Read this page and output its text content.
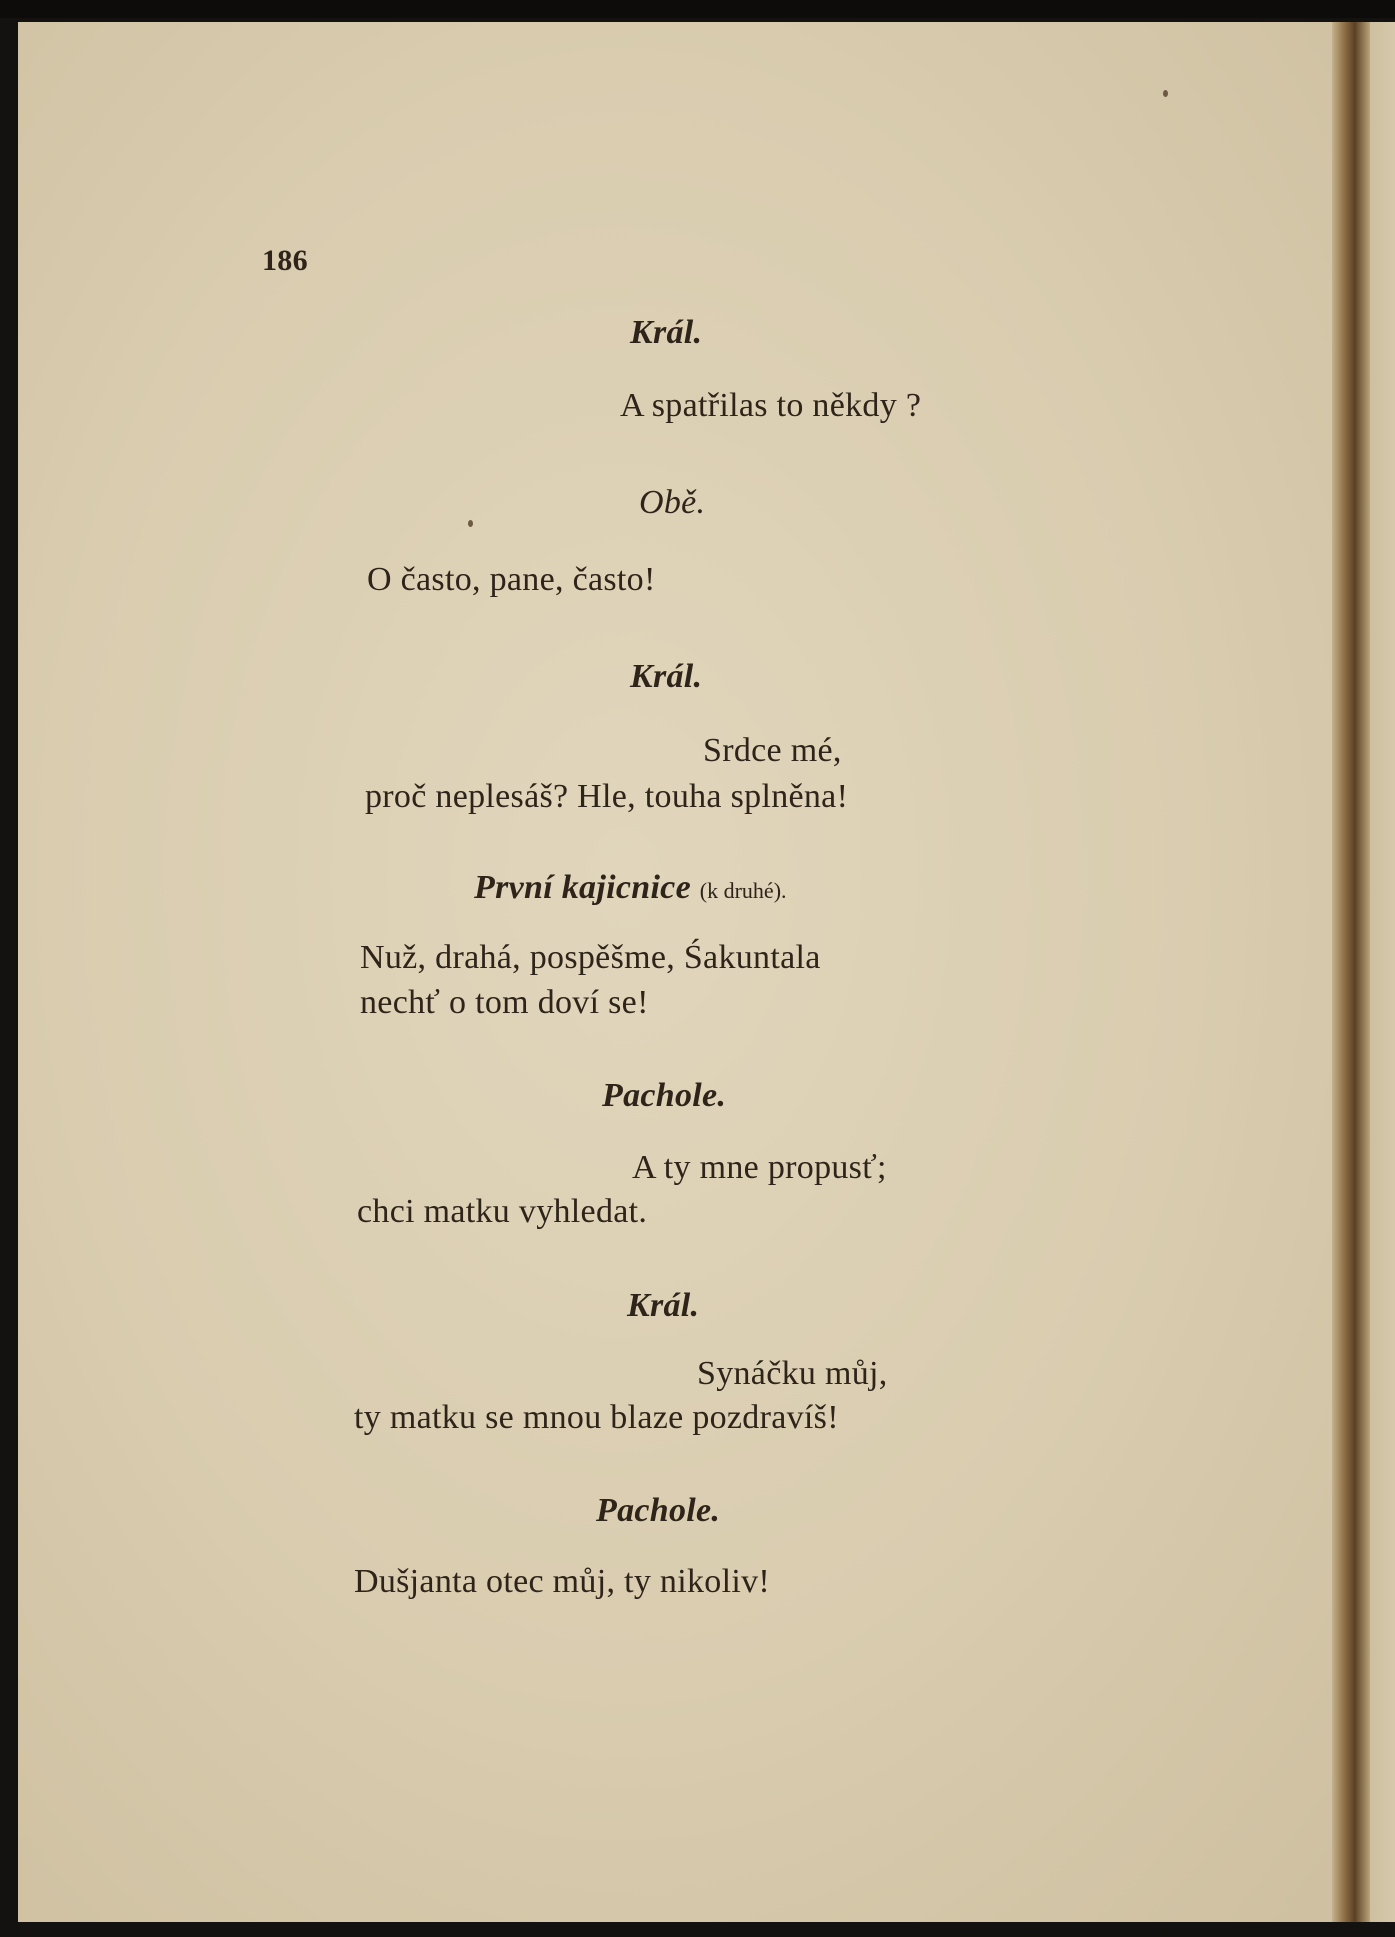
186
Král.
A spatřilas to někdy ?
Obě.
O často, pane, často!
Král.
Srdce mé,
proč neplesáš? Hle, touha splněna!
První kajicnice (k druhé).
Nuž, drahá, pospěšme, Śakuntala
nechť o tom doví se!
Pachole.
A ty mne propusť;
chci matku vyhledat.
Král.
Synáčku můj,
ty matku se mnou blaze pozdravíš!
Pachole.
Dušjanta otec můj, ty nikoliv!
